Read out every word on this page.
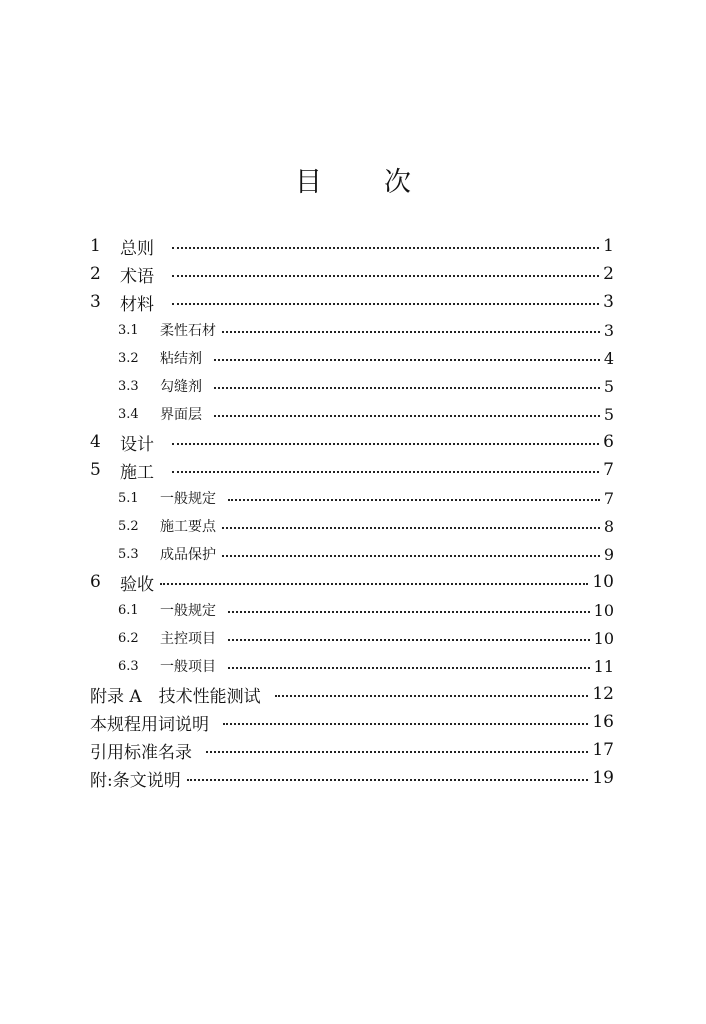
目 次
1	总则	1
2	术语	2
3	材料	3
3.1	柔性石材	3
3.2	粘结剂	4
3.3	勾缝剂	5
3.4	界面层	5
4	设计	6
5	施工	7
5.1	一般规定	7
5.2	施工要点	8
5.3	成品保护	9
6	验收	10
6.1	一般规定	10
6.2	主控项目	10
6.3	一般项目	11
附录 A　技术性能测试	12
本规程用词说明	16
引用标准名录	17
附:条文说明	19
